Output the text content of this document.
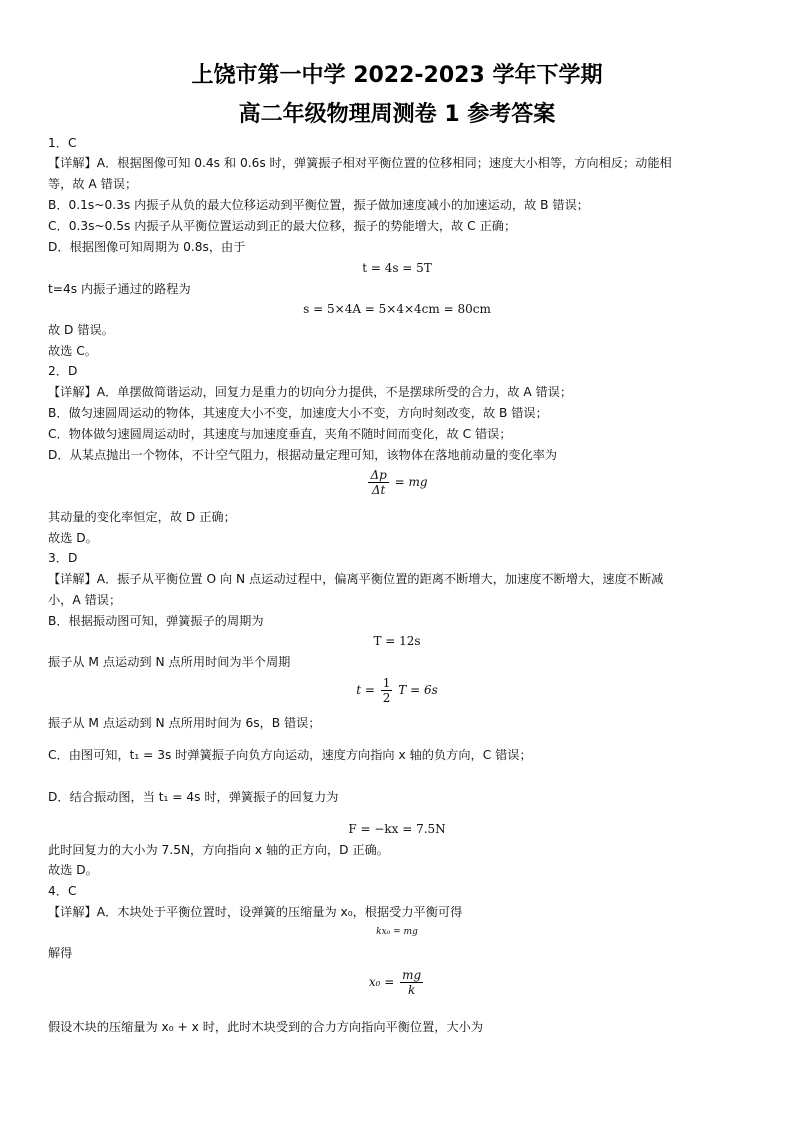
上饶市第一中学 2022-2023 学年下学期
高二年级物理周测卷 1 参考答案
1．C
【详解】A．根据图像可知 0.4s 和 0.6s 时，弹簧振子相对平衡位置的位移相同；速度大小相等，方向相反；动能相
等，故 A 错误；
B．0.1s~0.3s 内振子从负的最大位移运动到平衡位置，振子做加速度减小的加速运动，故 B 错误；
C．0.3s~0.5s 内振子从平衡位置运动到正的最大位移，振子的势能增大，故 C 正确；
D．根据图像可知周期为 0.8s，由于
t = 4s = 5T
t=4s 内振子通过的路程为
s = 5×4A = 5×4×4cm = 80cm
故 D 错误。
故选 C。
2．D
【详解】A．单摆做简谐运动，回复力是重力的切向分力提供，不是摆球所受的合力，故 A 错误；
B．做匀速圆周运动的物体，其速度大小不变，加速度大小不变，方向时刻改变，故 B 错误；
C．物体做匀速圆周运动时，其速度与加速度垂直，夹角不随时间而变化，故 C 错误；
D．从某点抛出一个物体，不计空气阻力，根据动量定理可知，该物体在落地前动量的变化率为
$\frac{\Delta p}{\Delta t}$ = mg
其动量的变化率恒定，故 D 正确；
故选 D。
3．D
【详解】A．振子从平衡位置 O 向 N 点运动过程中，偏离平衡位置的距离不断增大，加速度不断增大，速度不断减
小，A 错误；
B．根据振动图可知，弹簧振子的周期为
T = 12s
振子从 M 点运动到 N 点所用时间为半个周期
$t = \frac{1}{2}$ T = 6s
振子从 M 点运动到 N 点所用时间为 6s，B 错误；
C．由图可知，t₁ = 3s 时弹簧振子向负方向运动，速度方向指向 x 轴的负方向，C 错误；
D．结合振动图，当 t₁ = 4s 时，弹簧振子的回复力为
F = −kx = 7.5N
此时回复力的大小为 7.5N，方向指向 x 轴的正方向，D 正确。
故选 D。
4．C
【详解】A．木块处于平衡位置时，设弹簧的压缩量为 x₀，根据受力平衡可得
kx₀ = mg
解得
$x_0 = \frac{mg}{k}$
假设木块的压缩量为 x₀ + x 时，此时木块受到的合力方向指向平衡位置，大小为
